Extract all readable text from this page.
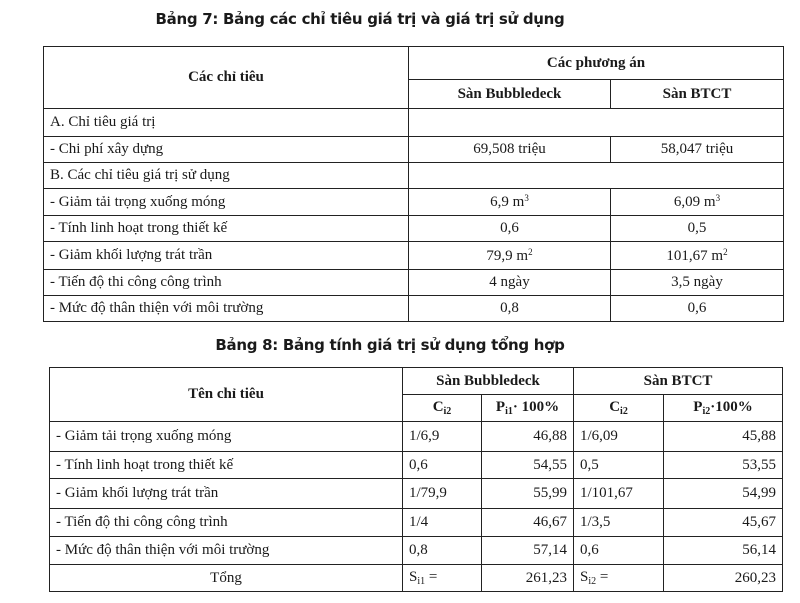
Bảng 7: Bảng các chỉ tiêu giá trị và giá trị sử dụng
Các chỉ tiêu	Các phương án	
	Sàn Bubbledeck	Sàn BTCT
A. Chỉ tiêu giá trị		
- Chi phí xây dựng	69,508 triệu	58,047 triệu
B. Các chỉ tiêu giá trị sử dụng		
- Giảm tải trọng xuống móng	6,9 $m^3$	6,09 $m^3$
- Tính linh hoạt trong thiết kế	0,6	0,5
- Giảm khối lượng trát trần	79,9 $m^2$	101,67 $m^2$
- Tiến độ thi công công trình	4 ngày	3,5 ngày
- Mức độ thân thiện với môi trường	0,8	0,6
Bảng 8: Bảng tính giá trị sử dụng tổng hợp
Tên chỉ tiêu	Sàn Bubbledeck		Sàn BTCT	
	$C_{i2}$	$P_{i1}\cdot 100\%$	$C_{i2}$	$P_{i2}\cdot 100\%$
- Giảm tải trọng xuống móng	1/6,9	46,88	1/6,09	45,88
- Tính linh hoạt trong thiết kế	0,6	54,55	0,5	53,55
- Giảm khối lượng trát trần	1/79,9	55,99	1/101,67	54,99
- Tiến độ thi công công trình	1/4	46,67	1/3,5	45,67
- Mức độ thân thiện với môi trường	0,8	57,14	0,6	56,14
Tổng	$S_{i1}$ =	261,23	$S_{i2}$ =	260,23
